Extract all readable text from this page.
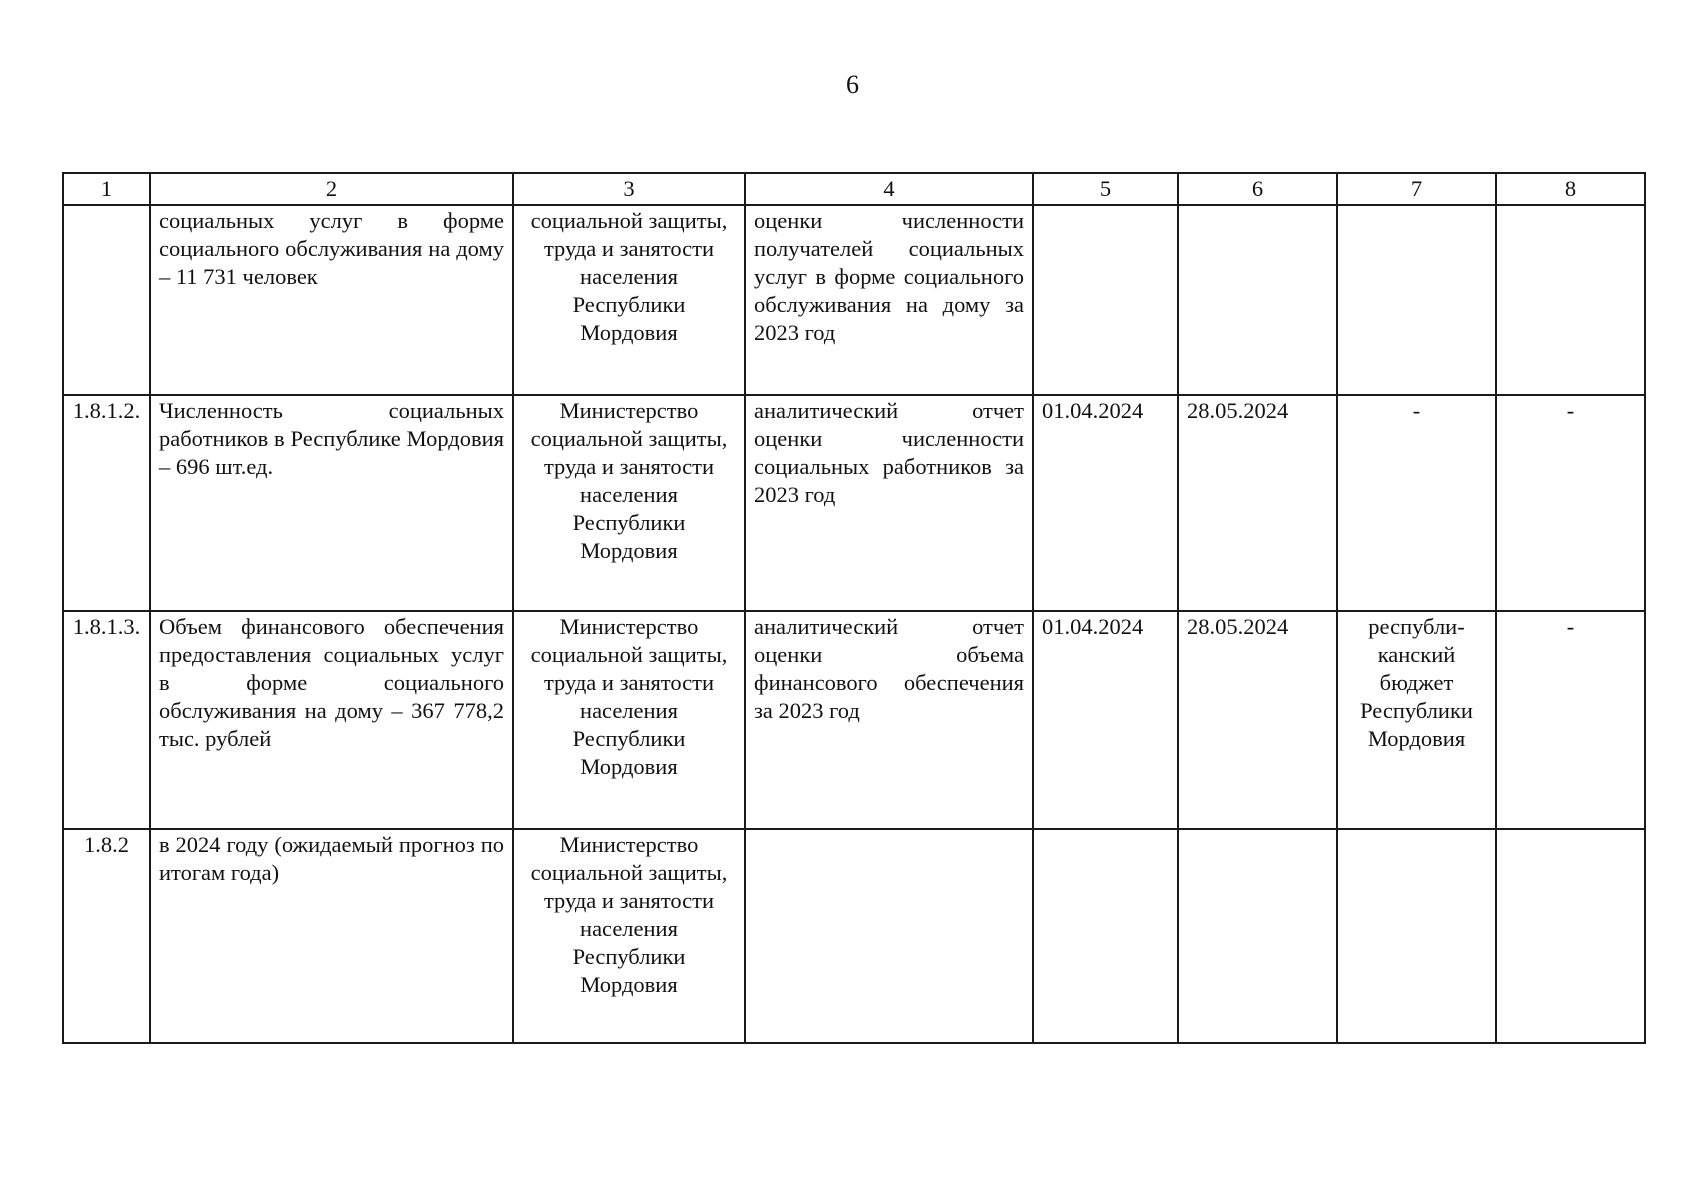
6
1	2	3	4	5	6	7	8
	социальных услуг в форме социального обслуживания на дому – 11 731 человек	социальной защиты, труда и занятости населения Республики Мордовия	оценки численности получателей социальных услуг в форме социального обслуживания на дому за 2023 год				
1.8.1.2.	Численность социальных работников в Республике Мордовия – 696 шт.ед.	Министерство социальной защиты, труда и занятости населения Республики Мордовия	аналитический отчет оценки численности социальных работников за 2023 год	01.04.2024	28.05.2024	-	-
1.8.1.3.	Объем финансового обеспечения предоставления социальных услуг в форме социального обслуживания на дому – 367 778,2 тыс. рублей	Министерство социальной защиты, труда и занятости населения Республики Мордовия	аналитический отчет оценки объема финансового обеспечения за 2023 год	01.04.2024	28.05.2024	республи-канский бюджет Республики Мордовия	-
1.8.2	в 2024 году (ожидаемый прогноз по итогам года)	Министерство социальной защиты, труда и занятости населения Республики Мордовия					
